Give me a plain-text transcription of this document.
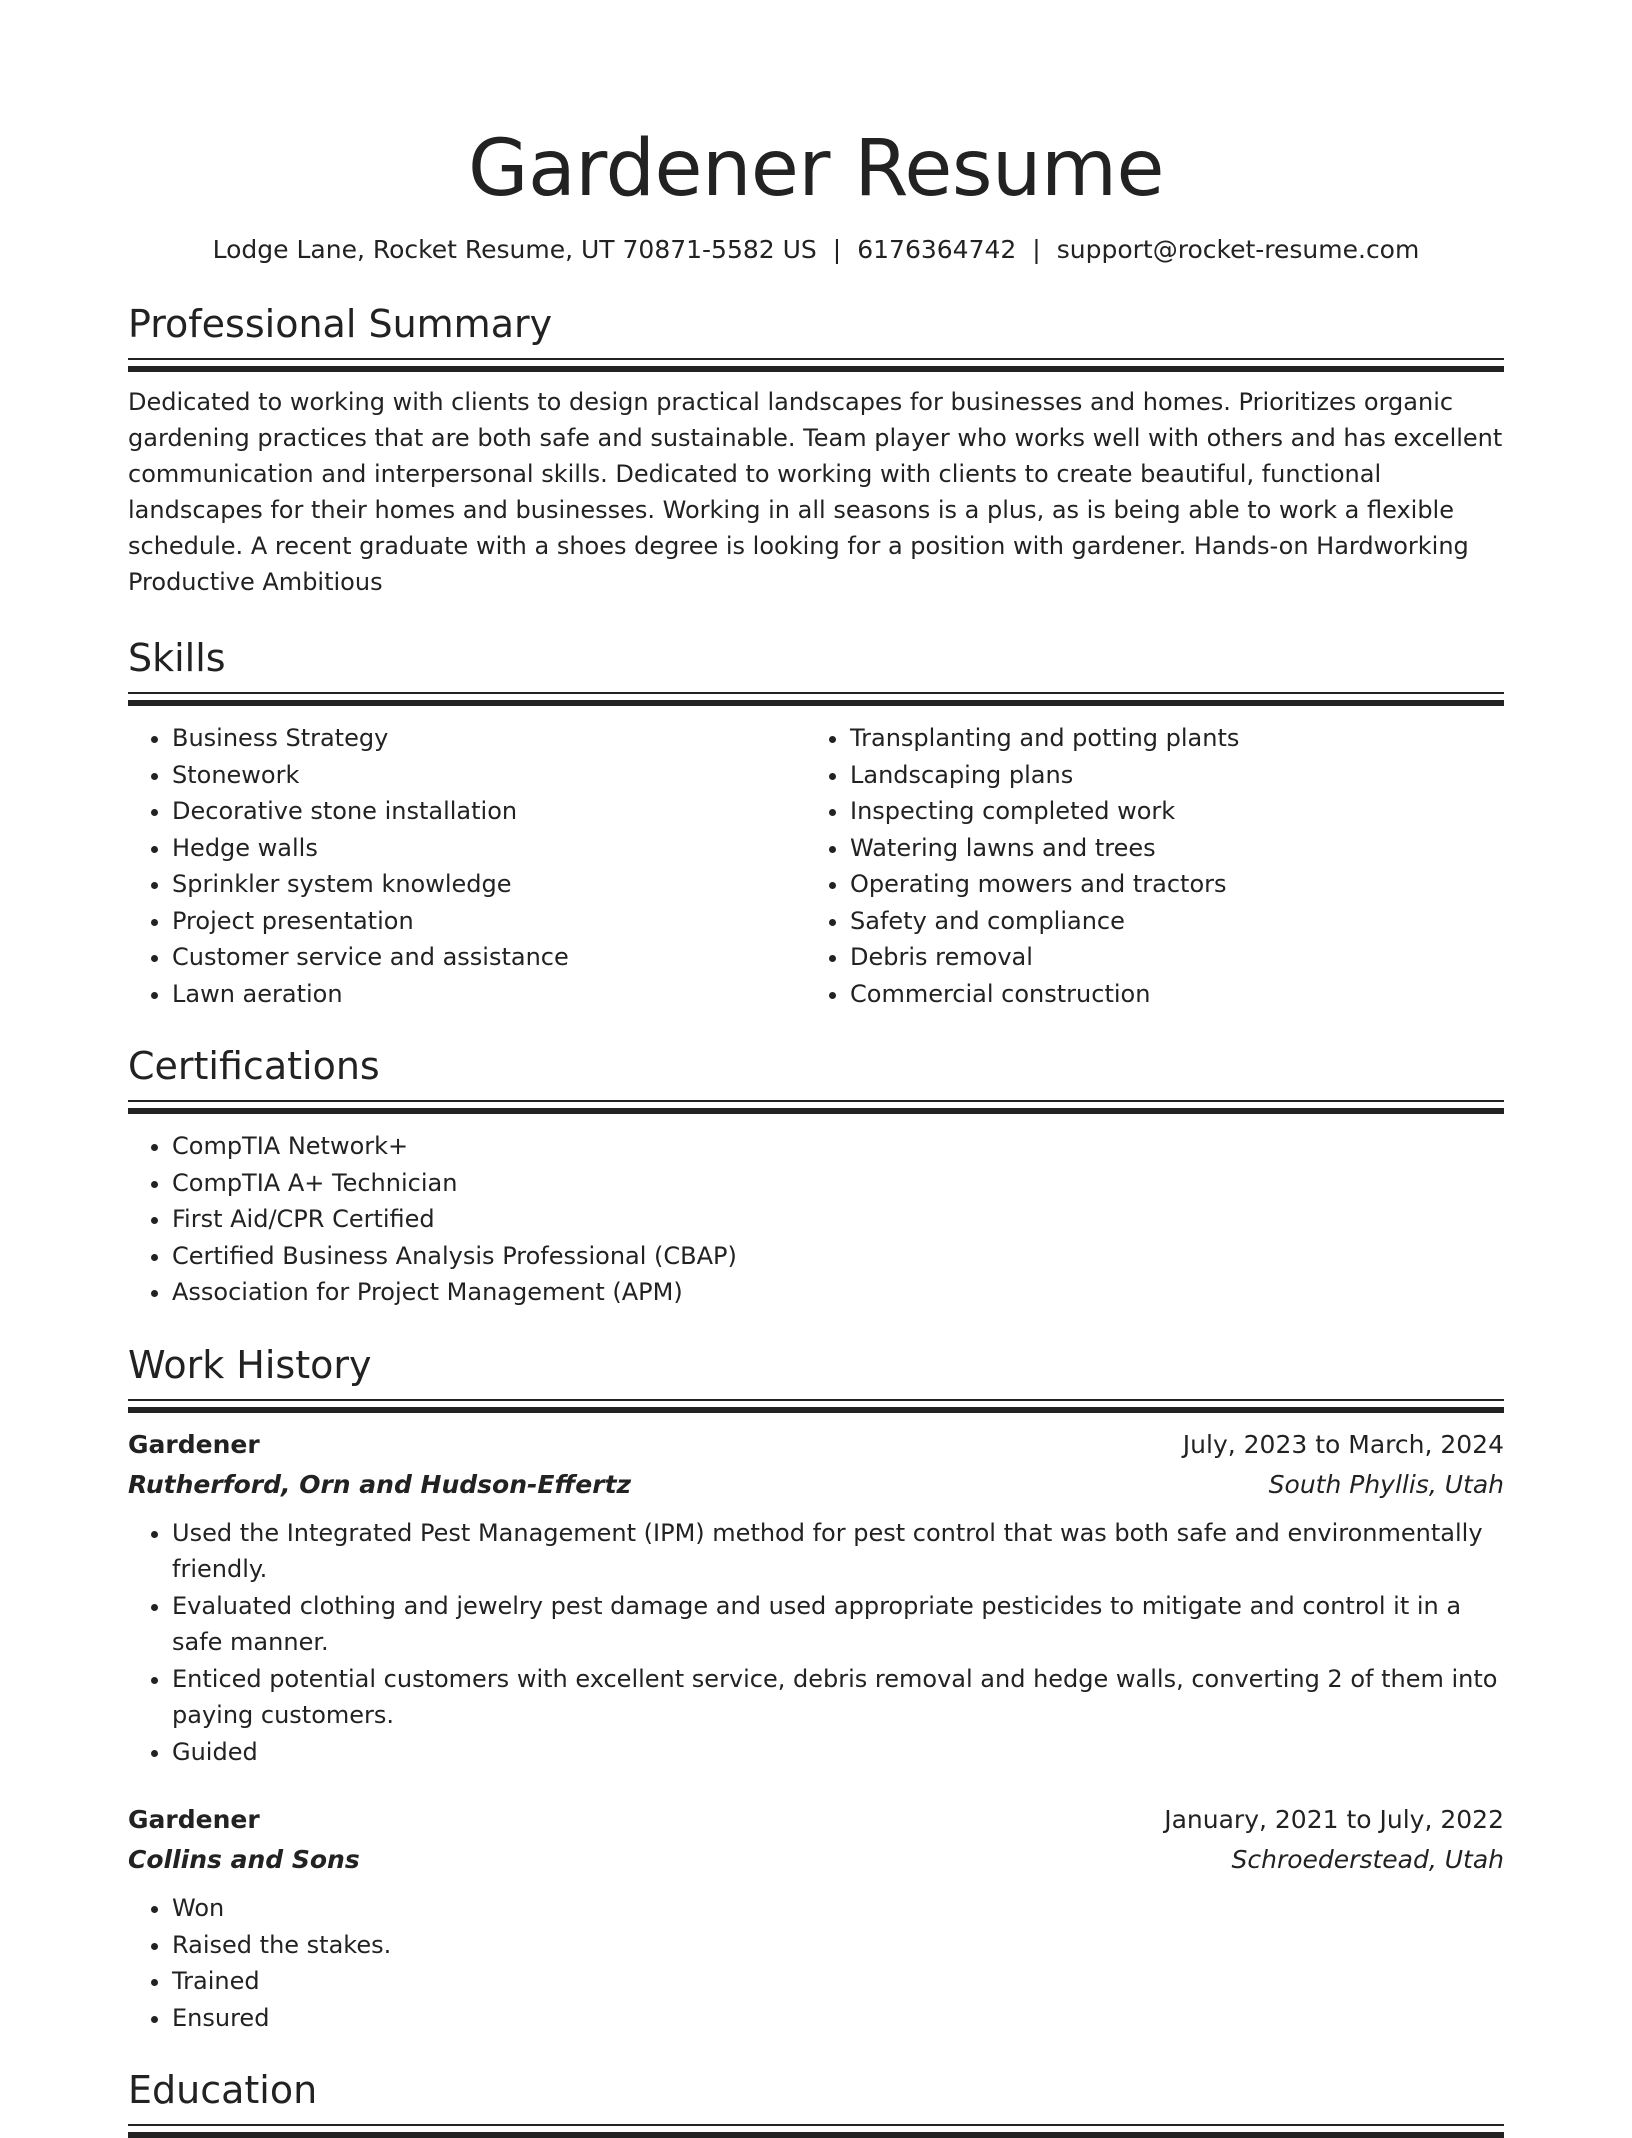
Gardener Resume
Lodge Lane, Rocket Resume, UT 70871-5582 US | 6176364742 | support@rocket-resume.com
Professional Summary
Dedicated to working with clients to design practical landscapes for businesses and homes. Prioritizes organic gardening practices that are both safe and sustainable. Team player who works well with others and has excellent communication and interpersonal skills. Dedicated to working with clients to create beautiful, functional landscapes for their homes and businesses. Working in all seasons is a plus, as is being able to work a flexible schedule. A recent graduate with a shoes degree is looking for a position with gardener. Hands-on Hardworking Productive Ambitious
Skills
• Business Strategy
• Stonework
• Decorative stone installation
• Hedge walls
• Sprinkler system knowledge
• Project presentation
• Customer service and assistance
• Lawn aeration
• Transplanting and potting plants
• Landscaping plans
• Inspecting completed work
• Watering lawns and trees
• Operating mowers and tractors
• Safety and compliance
• Debris removal
• Commercial construction
Certifications
• CompTIA Network+
• CompTIA A+ Technician
• First Aid/CPR Certified
• Certified Business Analysis Professional (CBAP)
• Association for Project Management (APM)
Work History
Gardener	July, 2023 to March, 2024
Rutherford, Orn and Hudson-Effertz	South Phyllis, Utah
• Used the Integrated Pest Management (IPM) method for pest control that was both safe and environmentally friendly.
• Evaluated clothing and jewelry pest damage and used appropriate pesticides to mitigate and control it in a safe manner.
• Enticed potential customers with excellent service, debris removal and hedge walls, converting 2 of them into paying customers.
• Guided
Gardener	January, 2021 to July, 2022
Collins and Sons	Schroederstead, Utah
• Won
• Raised the stakes.
• Trained
• Ensured
Education
